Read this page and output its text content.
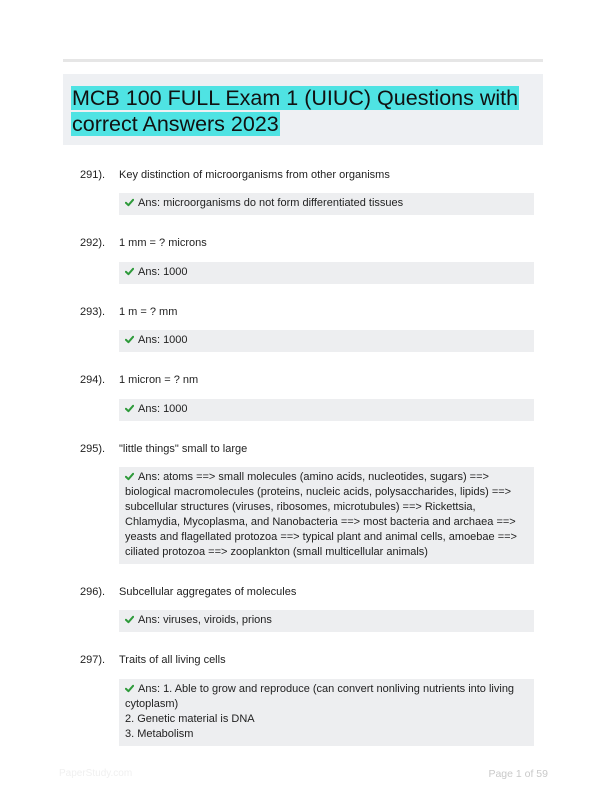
MCB 100 FULL Exam 1 (UIUC) Questions with
correct Answers 2023
291). Key distinction of microorganisms from other organisms
Ans: microorganisms do not form differentiated tissues
292). 1 mm = ? microns
Ans: 1000
293). 1 m = ? mm
Ans: 1000
294). 1 micron = ? nm
Ans: 1000
295). "little things" small to large
Ans: atoms ==> small molecules (amino acids, nucleotides, sugars) ==> biological macromolecules (proteins, nucleic acids, polysaccharides, lipids) ==> subcellular structures (viruses, ribosomes, microtubules) ==> Rickettsia, Chlamydia, Mycoplasma, and Nanobacteria ==> most bacteria and archaea ==> yeasts and flagellated protozoa ==> typical plant and animal cells, amoebae ==> ciliated protozoa ==> zooplankton (small multicellular animals)
296). Subcellular aggregates of molecules
Ans: viruses, viroids, prions
297). Traits of all living cells
Ans: 1. Able to grow and reproduce (can convert nonliving nutrients into living cytoplasm)
2. Genetic material is DNA
3. Metabolism
PaperStudy.com	Page 1 of 59
